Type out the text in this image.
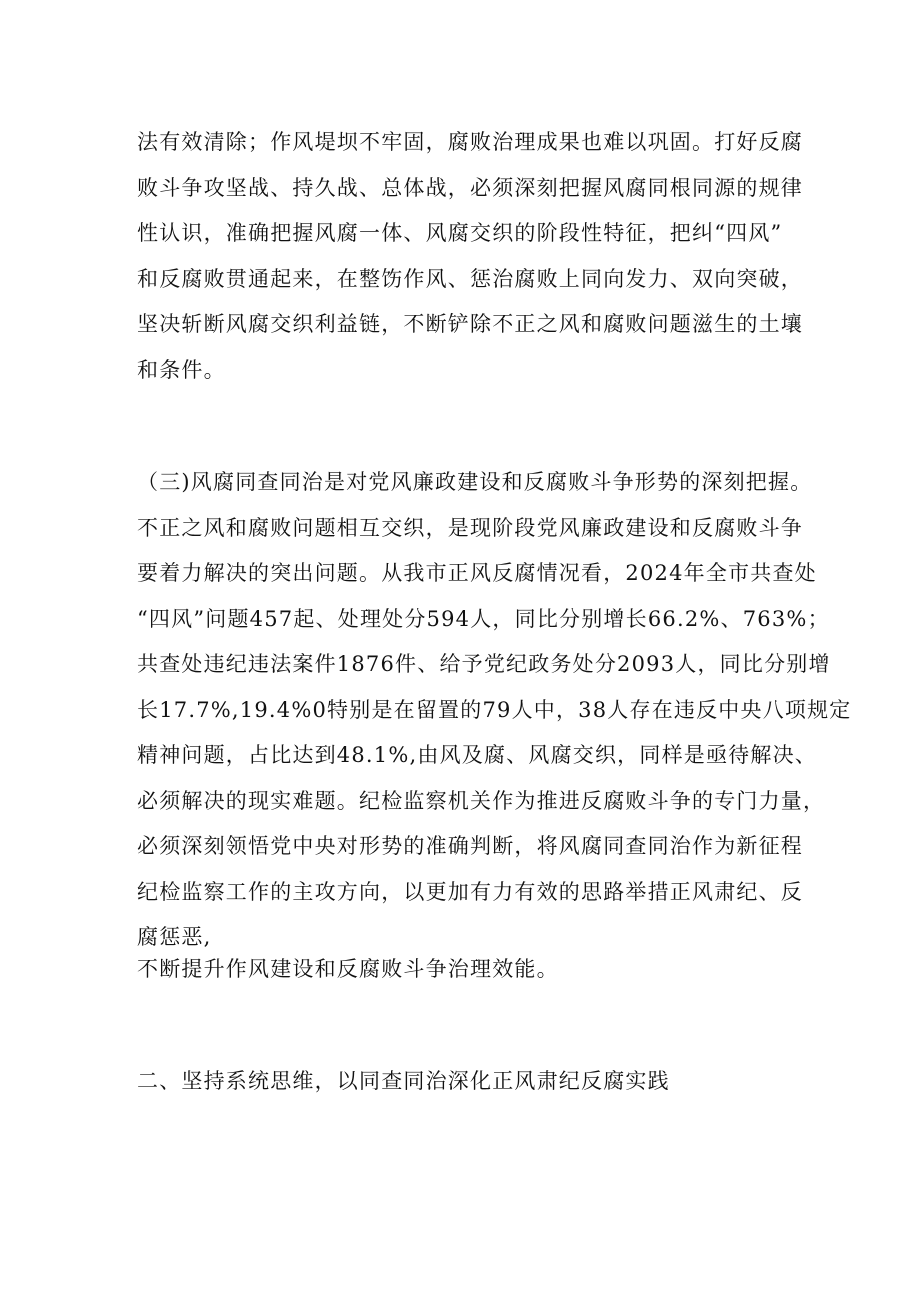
法有效清除；作风堤坝不牢固，腐败治理成果也难以巩固。打好反腐
败斗争攻坚战、持久战、总体战，必须深刻把握风腐同根同源的规律
性认识，准确把握风腐一体、风腐交织的阶段性特征，把纠“四风”
和反腐败贯通起来，在整饬作风、惩治腐败上同向发力、双向突破，
坚决斩断风腐交织利益链，不断铲除不正之风和腐败问题滋生的土壤
和条件。
（三)风腐同查同治是对党风廉政建设和反腐败斗争形势的深刻把握。
不正之风和腐败问题相互交织，是现阶段党风廉政建设和反腐败斗争
要着力解决的突出问题。从我市正风反腐情况看，2024年全市共查处
“四风”问题457起、处理处分594人，同比分别增长66.2%、763%；
共查处违纪违法案件1876件、给予党纪政务处分2093人，同比分别增
长17.7%,19.4%0特别是在留置的79人中，38人存在违反中央八项规定
精神问题，占比达到48.1%,由风及腐、风腐交织，同样是亟待解决、
必须解决的现实难题。纪检监察机关作为推进反腐败斗争的专门力量，
必须深刻领悟党中央对形势的准确判断，将风腐同查同治作为新征程
纪检监察工作的主攻方向，以更加有力有效的思路举措正风肃纪、反
腐惩恶,
不断提升作风建设和反腐败斗争治理效能。
二、坚持系统思维，以同查同治深化正风肃纪反腐实践
